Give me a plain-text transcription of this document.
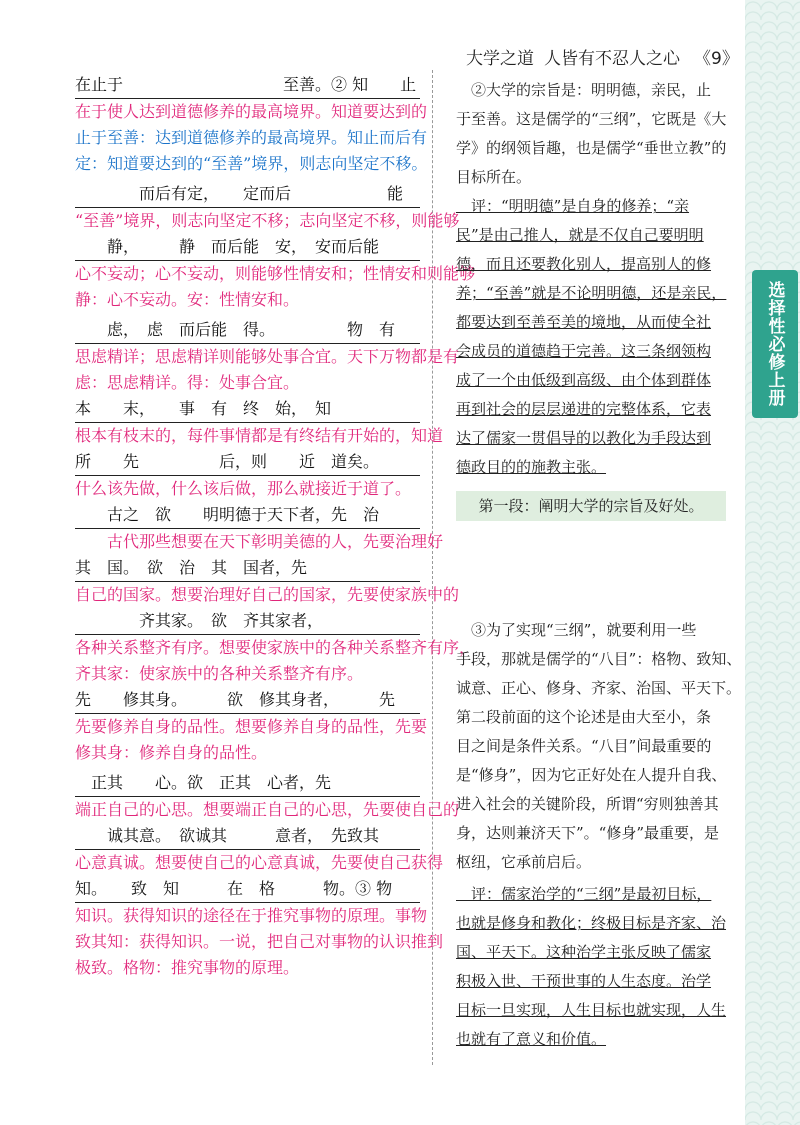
选择性必修上册
大学之道 人皆有不忍人之心 《9》
在止于　　　　　　　　　　至善。② 知　　止
在于使人达到道德修养的最高境界。知道要达到的
止于至善：达到道德修养的最高境界。知止而后有
定：知道要达到的“至善”境界，则志向坚定不移。
　　　　而后有定，　　定而后　　　　　　能
“至善”境界，则志向坚定不移；志向坚定不移，则能够
　　静，　　　静　而后能　安，　安而后能
心不妄动；心不妄动，则能够性情安和；性情安和则能够
静：心不妄动。安：性情安和。
　　虑，　虑　而后能　得。　　　　　物　有
思虑精详；思虑精详则能够处事合宜。天下万物都是有
虑：思虑精详。得：处事合宜。
本　　末，　　事　有　终　始，　知
根本有枝末的，每件事情都是有终结有开始的，知道
所　　先　　　　　后，则　　近　道矣。
什么该先做，什么该后做，那么就接近于道了。
　　古之　欲　　明明德于天下者，先　治
　　古代那些想要在天下彰明美德的人，先要治理好
其　国。　欲　治　其　国者，先
自己的国家。想要治理好自己的国家，先要使家族中的
　　　　齐其家。　欲　齐其家者，
各种关系整齐有序。想要使家族中的各种关系整齐有序，
齐其家：使家族中的各种关系整齐有序。
先　　修其身。　　　欲　修其身者，　　　先
先要修养自身的品性。想要修养自身的品性，先要
修其身：修养自身的品性。
　正其　　心。欲　正其　心者，先
端正自己的心思。想要端正自己的心思，先要使自己的
　　诚其意。　欲诚其　　　意者，　先致其
心意真诚。想要使自己的心意真诚，先要使自己获得
知。　　致　知　　　在　格　　　物。③ 物
知识。获得知识的途径在于推究事物的原理。事物
致其知：获得知识。一说，把自己对事物的认识推到
极致。格物：推究事物的原理。
　②大学的宗旨是：明明德，亲民，止
于至善。这是儒学的“三纲”，它既是《大
学》的纲领旨趣，也是儒学“垂世立教”的
目标所在。
　评：“明明德”是自身的修养；“亲
民”是由己推人，就是不仅自己要明明
德，而且还要教化别人，提高别人的修
养；“至善”就是不论明明德，还是亲民，
都要达到至善至美的境地，从而使全社
会成员的道德趋于完善。这三条纲领构
成了一个由低级到高级、由个体到群体
再到社会的层层递进的完整体系，它表
达了儒家一贯倡导的以教化为手段达到
德政目的的施教主张。
第一段：阐明大学的宗旨及好处。
　③为了实现“三纲”，就要利用一些
手段，那就是儒学的“八目”：格物、致知、
诚意、正心、修身、齐家、治国、平天下。
第二段前面的这个论述是由大至小，条
目之间是条件关系。“八目”间最重要的
是“修身”，因为它正好处在人提升自我、
进入社会的关键阶段，所谓“穷则独善其
身，达则兼济天下”。“修身”最重要，是
枢纽，它承前启后。
　评：儒家治学的“三纲”是最初目标，
也就是修身和教化；终极目标是齐家、治
国、平天下。这种治学主张反映了儒家
积极入世、干预世事的人生态度。治学
目标一旦实现，人生目标也就实现，人生
也就有了意义和价值。
